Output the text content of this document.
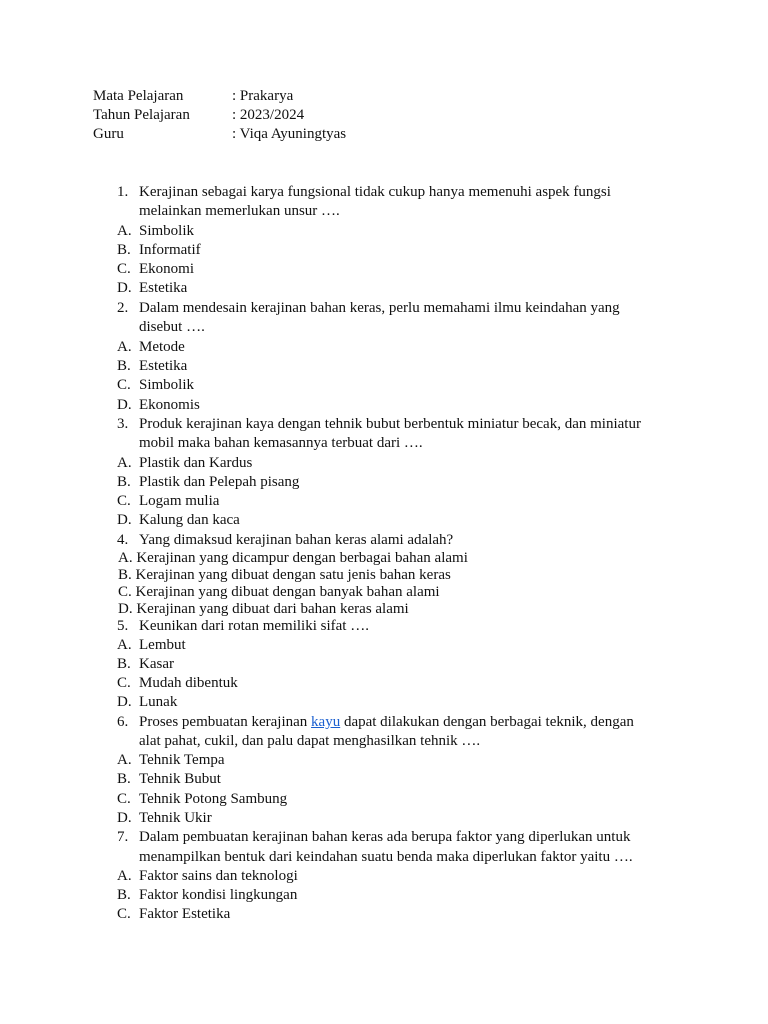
Mata Pelajaran	: Prakarya
Tahun Pelajaran	: 2023/2024
Guru	: Viqa Ayuningtyas
1. Kerajinan sebagai karya fungsional tidak cukup hanya memenuhi aspek fungsi
melainkan memerlukan unsur ….
A. Simbolik
B. Informatif
C. Ekonomi
D. Estetika
2. Dalam mendesain kerajinan bahan keras, perlu memahami ilmu keindahan yang
disebut ….
A. Metode
B. Estetika
C. Simbolik
D. Ekonomis
3. Produk kerajinan kaya dengan tehnik bubut berbentuk miniatur becak, dan miniatur
mobil maka bahan kemasannya terbuat dari ….
A. Plastik dan Kardus
B. Plastik dan Pelepah pisang
C. Logam mulia
D. Kalung dan kaca
4. Yang dimaksud kerajinan bahan keras alami adalah?
A. Kerajinan yang dicampur dengan berbagai bahan alami
B. Kerajinan yang dibuat dengan satu jenis bahan keras
C. Kerajinan yang dibuat dengan banyak bahan alami
D. Kerajinan yang dibuat dari bahan keras alami
5. Keunikan dari rotan memiliki sifat ….
A. Lembut
B. Kasar
C. Mudah dibentuk
D. Lunak
6. Proses pembuatan kerajinan kayu dapat dilakukan dengan berbagai teknik, dengan
alat pahat, cukil, dan palu dapat menghasilkan tehnik ….
A. Tehnik Tempa
B. Tehnik Bubut
C. Tehnik Potong Sambung
D. Tehnik Ukir
7. Dalam pembuatan kerajinan bahan keras ada berupa faktor yang diperlukan untuk
menampilkan bentuk dari keindahan suatu benda maka diperlukan faktor yaitu ….
A. Faktor sains dan teknologi
B. Faktor kondisi lingkungan
C. Faktor Estetika
